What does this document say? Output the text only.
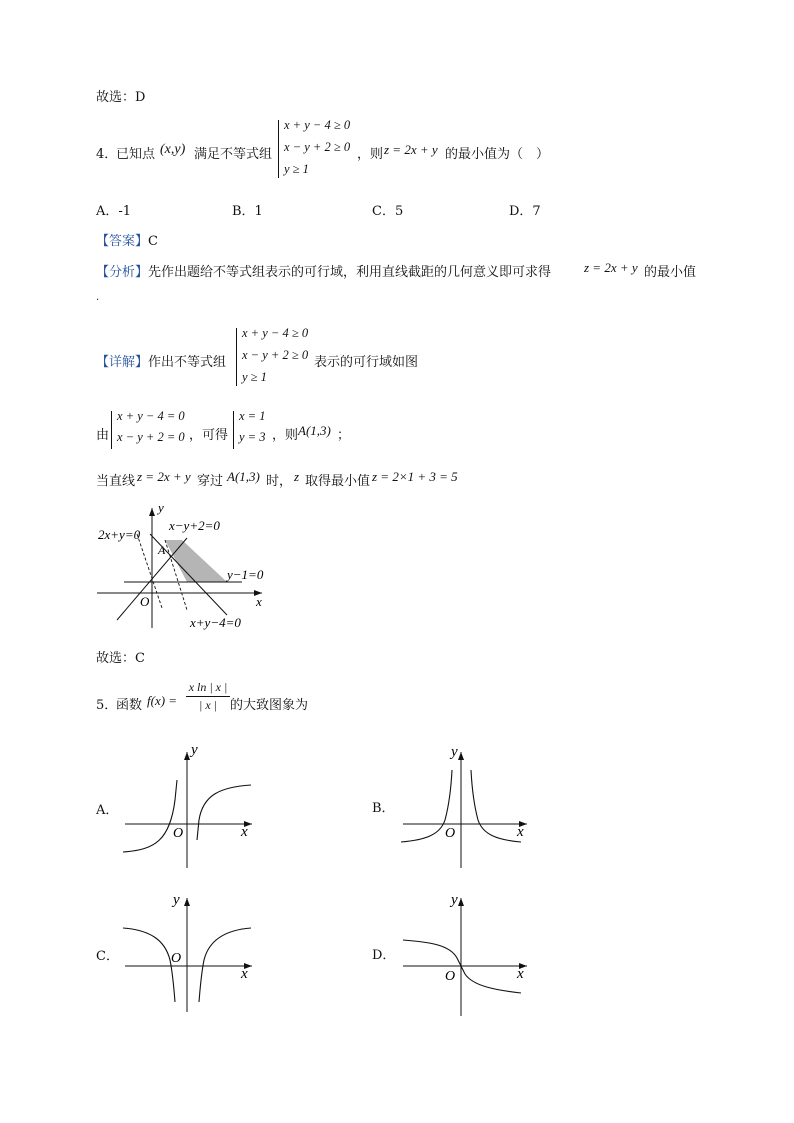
故选：D
4．
已知点 (x,y) 满足不等式组
x + y − 4 ≥ 0
x − y + 2 ≥ 0
y ≥ 1
，则 z = 2x + y 的最小值为（　）
A．-1	B．1	C．5	D．7
【答案】C
【分析】先作出题给不等式组表示的可行域，利用直线截距的几何意义即可求得	z = 2x + y 的最小值
.
【详解】作出不等式组
x + y − 4 ≥ 0
x − y + 2 ≥ 0
y ≥ 1
表示的可行域如图
由
x + y − 4 = 0
x − y + 2 = 0 ，可得
x = 1
y = 3 ，则 A(1,3) ；
当直线 z = 2x + y 穿过 A(1,3) 时， z 取得最小值 z = 2×1 + 3 = 5
2x+y=0
x−y+2=0
y−1=0
x+y−4=0
y
x
O
A
故选：C
5．
函数 f(x) =
x ln | x |
| x |	的大致图象为
A．	B．
C．	D．
y
x
O
y
x
O
y
x
O
y
x
O
